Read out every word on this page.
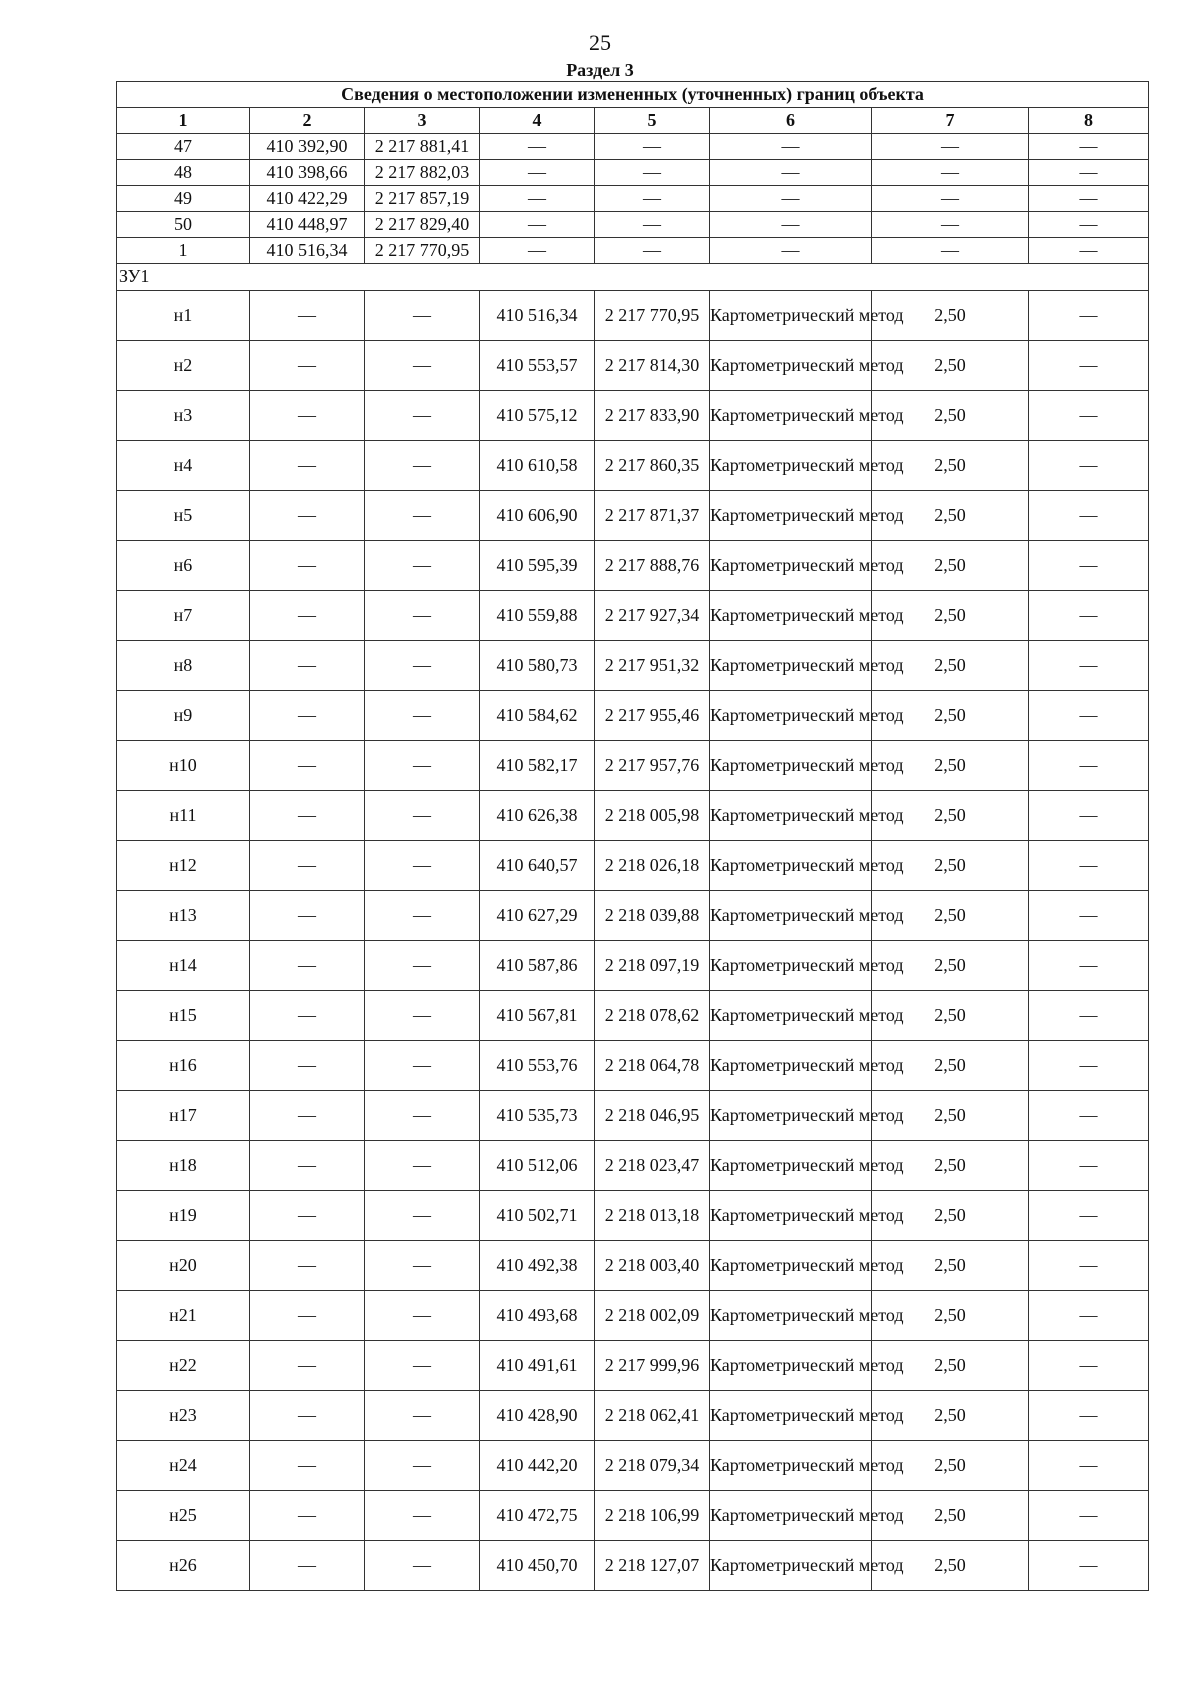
25
Раздел 3
Сведения о местоположении измененных (уточненных) границ объекта							
1	2	3	4	5	6	7	8
47	410 392,90	2 217 881,41	—	—	—	—	—
48	410 398,66	2 217 882,03	—	—	—	—	—
49	410 422,29	2 217 857,19	—	—	—	—	—
50	410 448,97	2 217 829,40	—	—	—	—	—
1	410 516,34	2 217 770,95	—	—	—	—	—
ЗУ1							
н1	—	—	410 516,34	2 217 770,95	Картометрический метод	2,50	—
н2	—	—	410 553,57	2 217 814,30	Картометрический метод	2,50	—
н3	—	—	410 575,12	2 217 833,90	Картометрический метод	2,50	—
н4	—	—	410 610,58	2 217 860,35	Картометрический метод	2,50	—
н5	—	—	410 606,90	2 217 871,37	Картометрический метод	2,50	—
н6	—	—	410 595,39	2 217 888,76	Картометрический метод	2,50	—
н7	—	—	410 559,88	2 217 927,34	Картометрический метод	2,50	—
н8	—	—	410 580,73	2 217 951,32	Картометрический метод	2,50	—
н9	—	—	410 584,62	2 217 955,46	Картометрический метод	2,50	—
н10	—	—	410 582,17	2 217 957,76	Картометрический метод	2,50	—
н11	—	—	410 626,38	2 218 005,98	Картометрический метод	2,50	—
н12	—	—	410 640,57	2 218 026,18	Картометрический метод	2,50	—
н13	—	—	410 627,29	2 218 039,88	Картометрический метод	2,50	—
н14	—	—	410 587,86	2 218 097,19	Картометрический метод	2,50	—
н15	—	—	410 567,81	2 218 078,62	Картометрический метод	2,50	—
н16	—	—	410 553,76	2 218 064,78	Картометрический метод	2,50	—
н17	—	—	410 535,73	2 218 046,95	Картометрический метод	2,50	—
н18	—	—	410 512,06	2 218 023,47	Картометрический метод	2,50	—
н19	—	—	410 502,71	2 218 013,18	Картометрический метод	2,50	—
н20	—	—	410 492,38	2 218 003,40	Картометрический метод	2,50	—
н21	—	—	410 493,68	2 218 002,09	Картометрический метод	2,50	—
н22	—	—	410 491,61	2 217 999,96	Картометрический метод	2,50	—
н23	—	—	410 428,90	2 218 062,41	Картометрический метод	2,50	—
н24	—	—	410 442,20	2 218 079,34	Картометрический метод	2,50	—
н25	—	—	410 472,75	2 218 106,99	Картометрический метод	2,50	—
н26	—	—	410 450,70	2 218 127,07	Картометрический метод	2,50	—
